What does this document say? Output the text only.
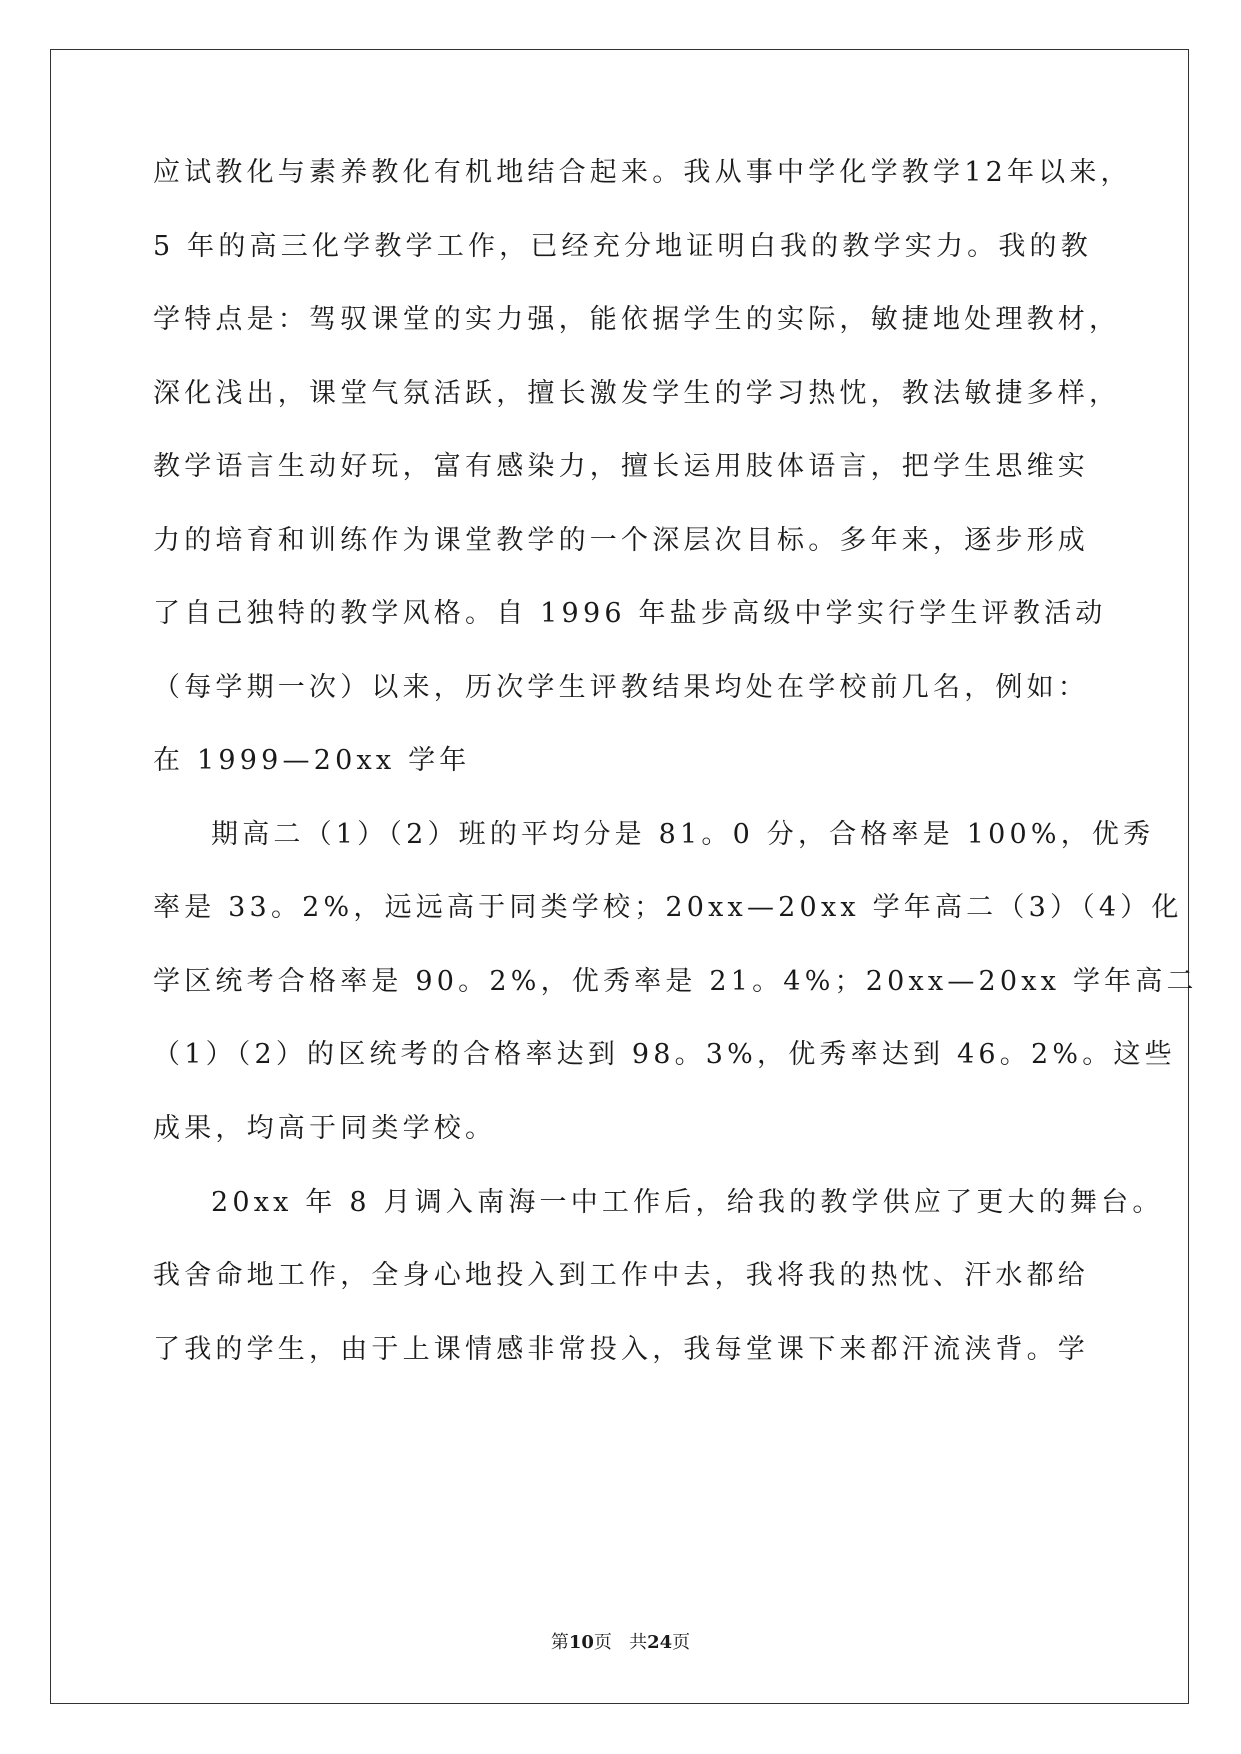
应试教化与素养教化有机地结合起来。我从事中学化学教学12年以来，
5 年的高三化学教学工作，已经充分地证明白我的教学实力。我的教
学特点是：驾驭课堂的实力强，能依据学生的实际，敏捷地处理教材，
深化浅出，课堂气氛活跃，擅长激发学生的学习热忱，教法敏捷多样，
教学语言生动好玩，富有感染力，擅长运用肢体语言，把学生思维实
力的培育和训练作为课堂教学的一个深层次目标。多年来，逐步形成
了自己独特的教学风格。自 1996 年盐步高级中学实行学生评教活动
（每学期一次）以来，历次学生评教结果均处在学校前几名，例如：
在 1999—20xx 学年
期高二（1）（2）班的平均分是 81。0 分，合格率是 100%，优秀
率是 33。2%，远远高于同类学校；20xx—20xx 学年高二（3）（4）化
学区统考合格率是 90。2%，优秀率是 21。4%；20xx—20xx 学年高二
（1）（2）的区统考的合格率达到 98。3%，优秀率达到 46。2%。这些
成果，均高于同类学校。
20xx 年 8 月调入南海一中工作后，给我的教学供应了更大的舞台。
我舍命地工作，全身心地投入到工作中去，我将我的热忱、汗水都给
了我的学生，由于上课情感非常投入，我每堂课下来都汗流浃背。学
第10页 共24页
